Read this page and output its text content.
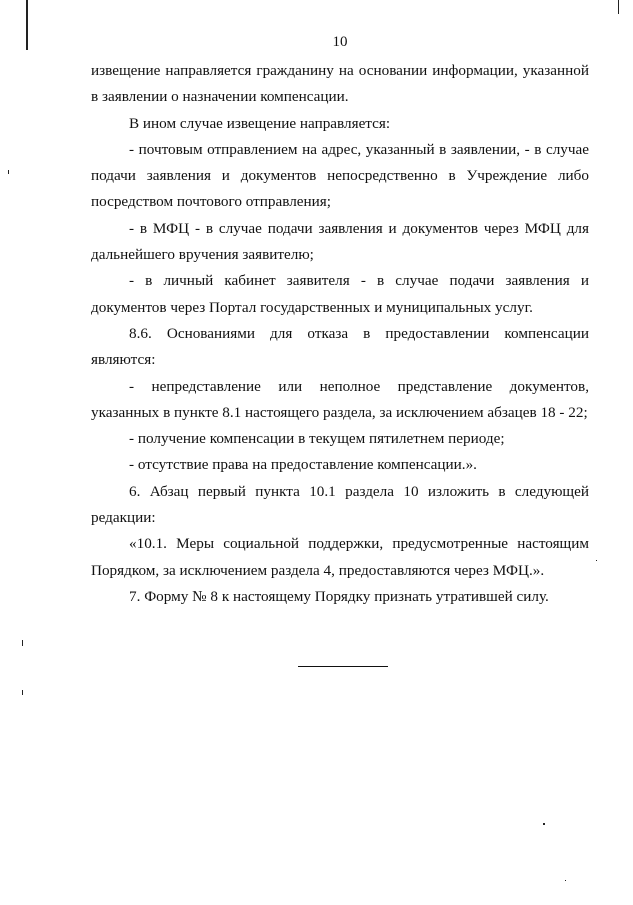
10

извещение направляется гражданину на основании информации, указанной в заявлении о назначении компенсации.

В ином случае извещение направляется:

- почтовым отправлением на адрес, указанный в заявлении, - в случае подачи заявления и документов непосредственно в Учреждение либо посредством почтового отправления;

- в МФЦ - в случае подачи заявления и документов через МФЦ для дальнейшего вручения заявителю;

- в личный кабинет заявителя - в случае подачи заявления и документов через Портал государственных и муниципальных услуг.

8.6. Основаниями для отказа в предоставлении компенсации являются:

- непредставление или неполное представление документов, указанных в пункте 8.1 настоящего раздела, за исключением абзацев 18 - 22;

- получение компенсации в текущем пятилетнем периоде;

- отсутствие права на предоставление компенсации.».

6. Абзац первый пункта 10.1 раздела 10 изложить в следующей редакции:

«10.1. Меры социальной поддержки, предусмотренные настоящим Порядком, за исключением раздела 4, предоставляются через МФЦ.».

7. Форму № 8 к настоящему Порядку признать утратившей силу.
